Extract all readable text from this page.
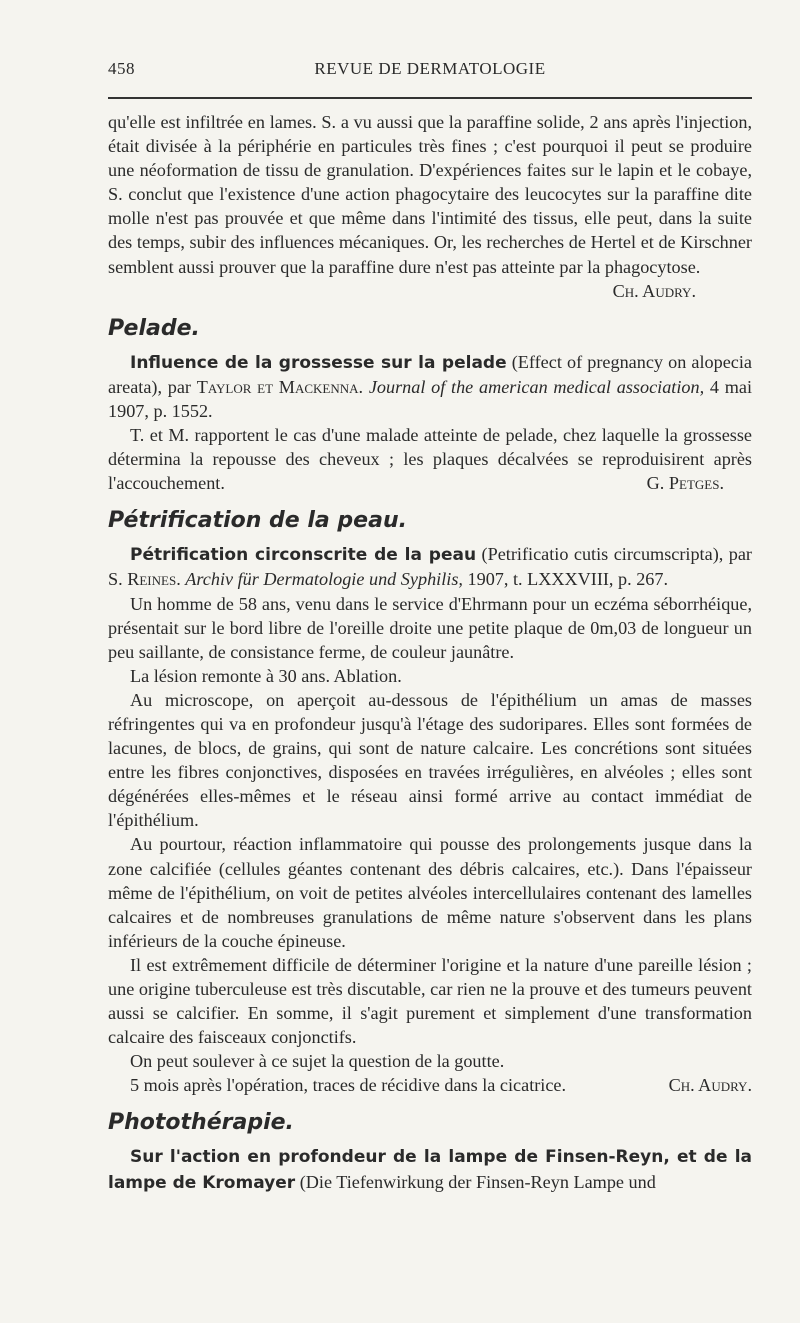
458	REVUE DE DERMATOLOGIE

qu'elle est infiltrée en lames. S. a vu aussi que la paraffine solide, 2 ans après l'injection, était divisée à la périphérie en particules très fines ; c'est pourquoi il peut se produire une néoformation de tissu de granulation. D'expériences faites sur le lapin et le cobaye, S. conclut que l'existence d'une action phagocytaire des leucocytes sur la paraffine dite molle n'est pas prouvée et que même dans l'intimité des tissus, elle peut, dans la suite des temps, subir des influences mécaniques. Or, les recherches de Hertel et de Kirschner semblent aussi prouver que la paraffine dure n'est pas atteinte par la phagocytose.
Ch. Audry.

Pelade.

Influence de la grossesse sur la pelade (Effect of pregnancy on alopecia areata), par Taylor et Mackenna. Journal of the american medical association, 4 mai 1907, p. 1552.

T. et M. rapportent le cas d'une malade atteinte de pelade, chez laquelle la grossesse détermina la repousse des cheveux ; les plaques décalvées se reproduisirent après l'accouchement.	G. Petges.

Pétrification de la peau.

Pétrification circonscrite de la peau (Petrificatio cutis circumscripta), par S. Reines. Archiv für Dermatologie und Syphilis, 1907, t. LXXXVIII, p. 267.

Un homme de 58 ans, venu dans le service d'Ehrmann pour un eczéma séborrhéique, présentait sur le bord libre de l'oreille droite une petite plaque de 0m,03 de longueur un peu saillante, de consistance ferme, de couleur jaunâtre.

La lésion remonte à 30 ans. Ablation.

Au microscope, on aperçoit au-dessous de l'épithélium un amas de masses réfringentes qui va en profondeur jusqu'à l'étage des sudoripares. Elles sont formées de lacunes, de blocs, de grains, qui sont de nature calcaire. Les concrétions sont situées entre les fibres conjonctives, disposées en travées irrégulières, en alvéoles ; elles sont dégénérées elles-mêmes et le réseau ainsi formé arrive au contact immédiat de l'épithélium.

Au pourtour, réaction inflammatoire qui pousse des prolongements jusque dans la zone calcifiée (cellules géantes contenant des débris calcaires, etc.). Dans l'épaisseur même de l'épithélium, on voit de petites alvéoles intercellulaires contenant des lamelles calcaires et de nombreuses granulations de même nature s'observent dans les plans inférieurs de la couche épineuse.

Il est extrêmement difficile de déterminer l'origine et la nature d'une pareille lésion ; une origine tuberculeuse est très discutable, car rien ne la prouve et des tumeurs peuvent aussi se calcifier. En somme, il s'agit purement et simplement d'une transformation calcaire des faisceaux conjonctifs.

On peut soulever à ce sujet la question de la goutte.

5 mois après l'opération, traces de récidive dans la cicatrice.	Ch. Audry.

Photothérapie.

Sur l'action en profondeur de la lampe de Finsen-Reyn, et de la lampe de Kromayer (Die Tiefenwirkung der Finsen-Reyn Lampe und
